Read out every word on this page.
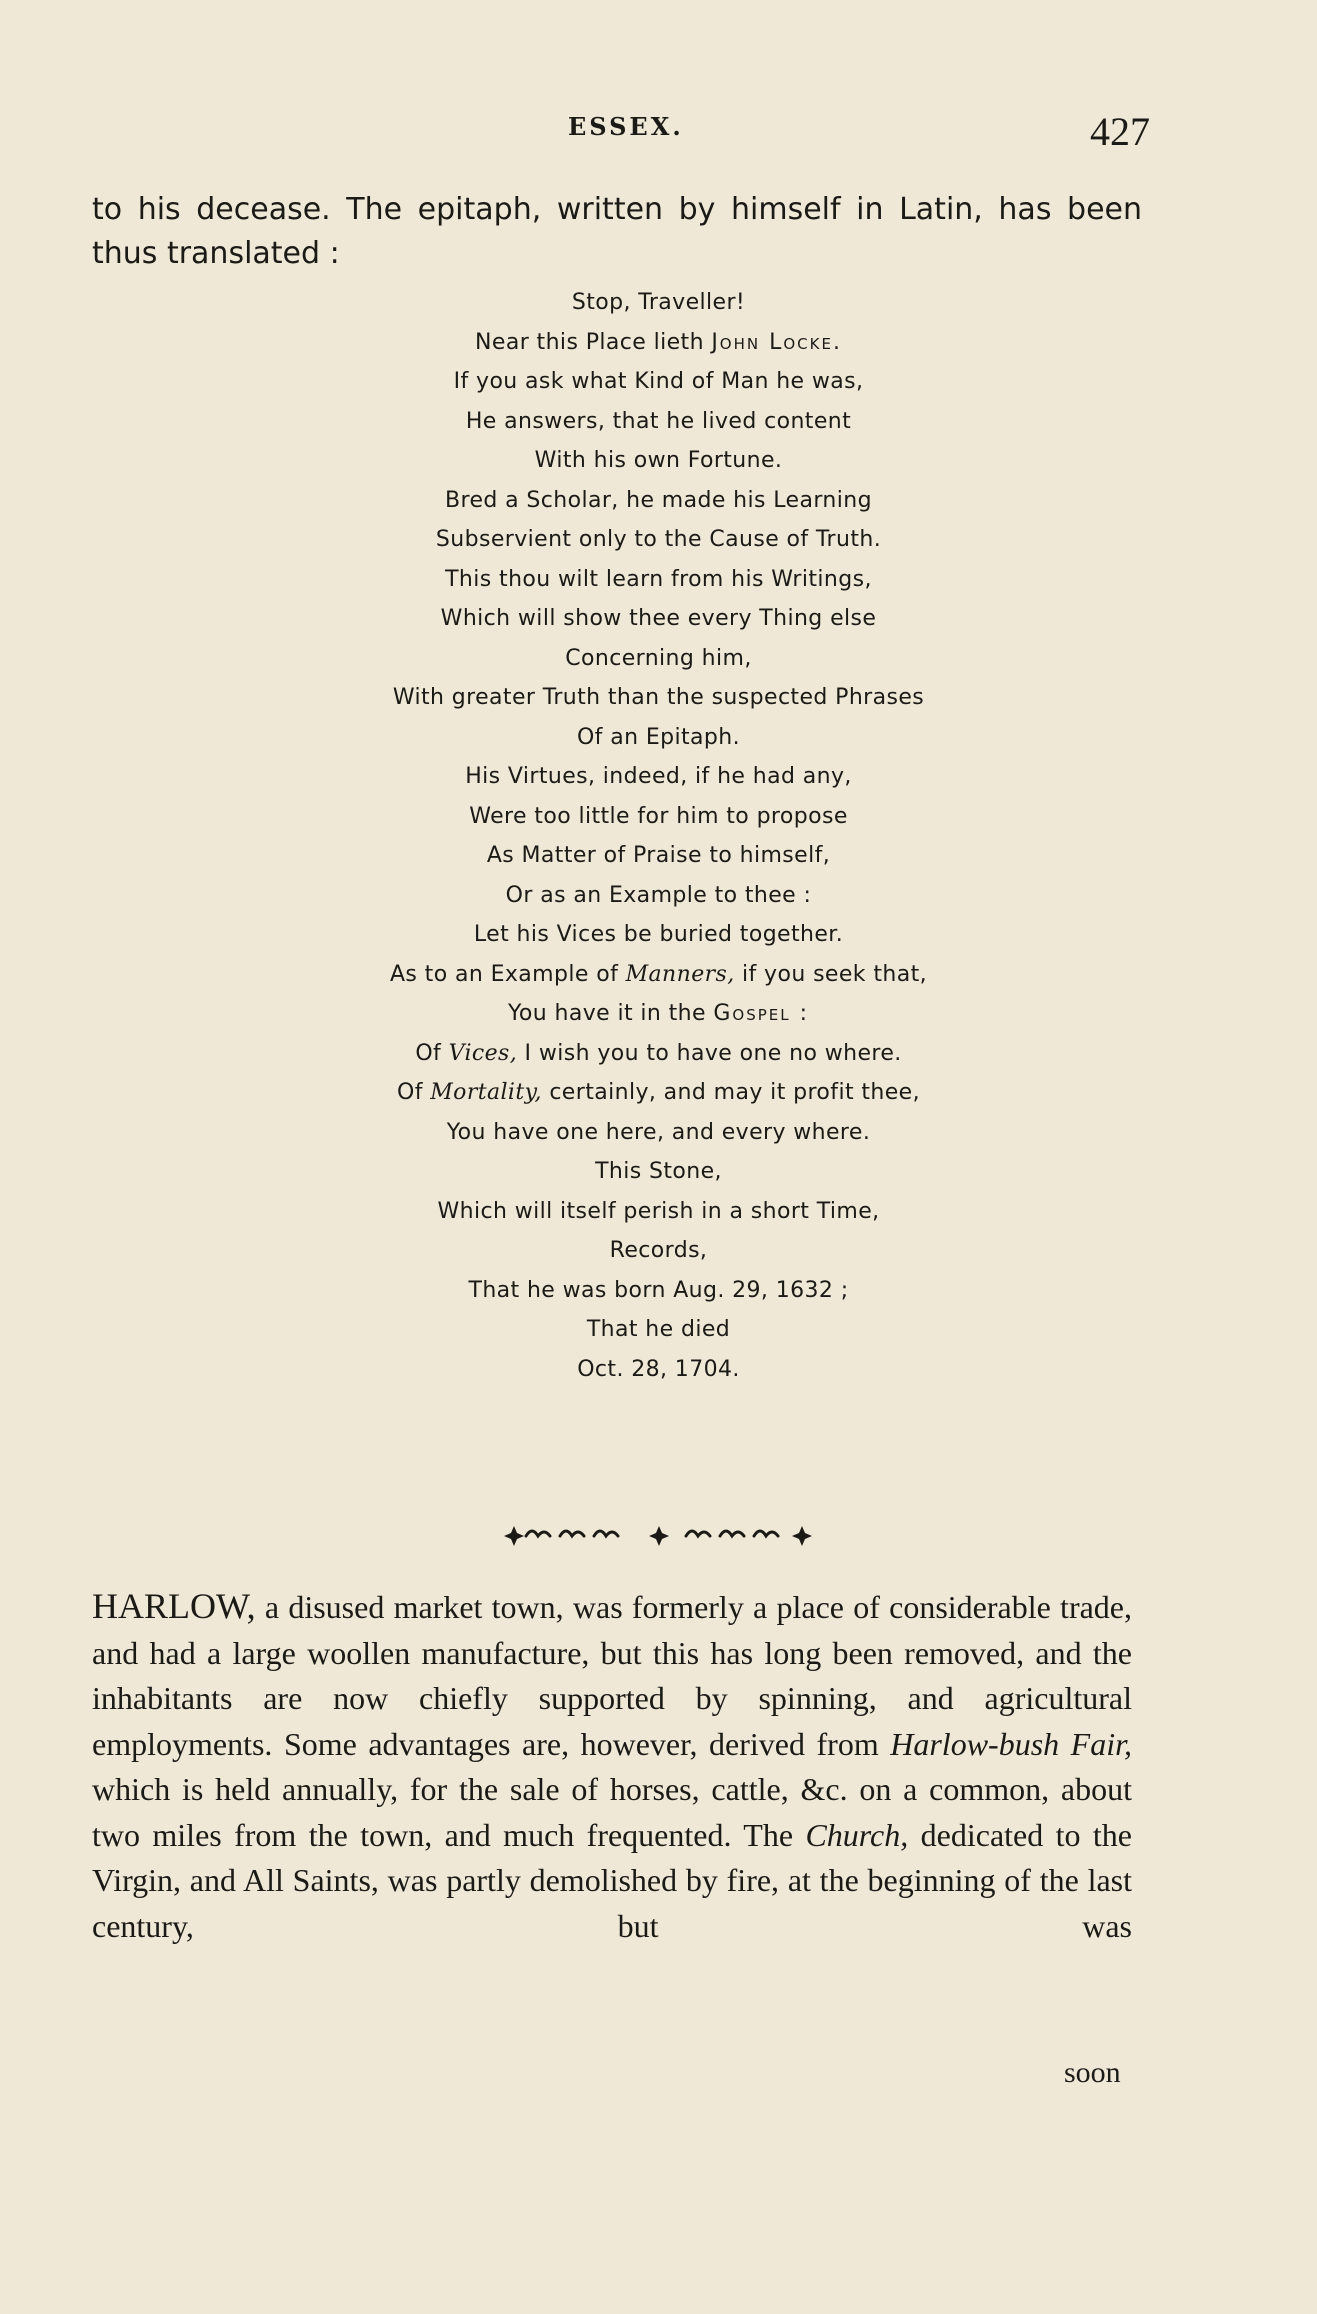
ESSEX.	427

to his decease. The epitaph, written by himself in Latin, has been thus translated :

Stop, Traveller!
Near this Place lieth John Locke.
If you ask what Kind of Man he was,
He answers, that he lived content
With his own Fortune.
Bred a Scholar, he made his Learning
Subservient only to the Cause of Truth.
This thou wilt learn from his Writings,
Which will show thee every Thing else
Concerning him,
With greater Truth than the suspected Phrases
Of an Epitaph.
His Virtues, indeed, if he had any,
Were too little for him to propose
As Matter of Praise to himself,
Or as an Example to thee :
Let his Vices be buried together.
As to an Example of Manners, if you seek that,
You have it in the Gospel :
Of Vices, I wish you to have one no where.
Of Mortality, certainly, and may it profit thee,
You have one here, and every where.
This Stone,
Which will itself perish in a short Time,
Records,
That he was born Aug. 29, 1632 ;
That he died
Oct. 28, 1704.

HARLOW, a disused market town, was formerly a place of considerable trade, and had a large woollen manufacture, but this has long been removed, and the inhabitants are now chiefly supported by spinning, and agricultural employments. Some advantages are, however, derived from Harlow-bush Fair, which is held annually, for the sale of horses, cattle, &c. on a common, about two miles from the town, and much frequented. The Church, dedicated to the Virgin, and All Saints, was partly demolished by fire, at the beginning of the last century, but was

soon
